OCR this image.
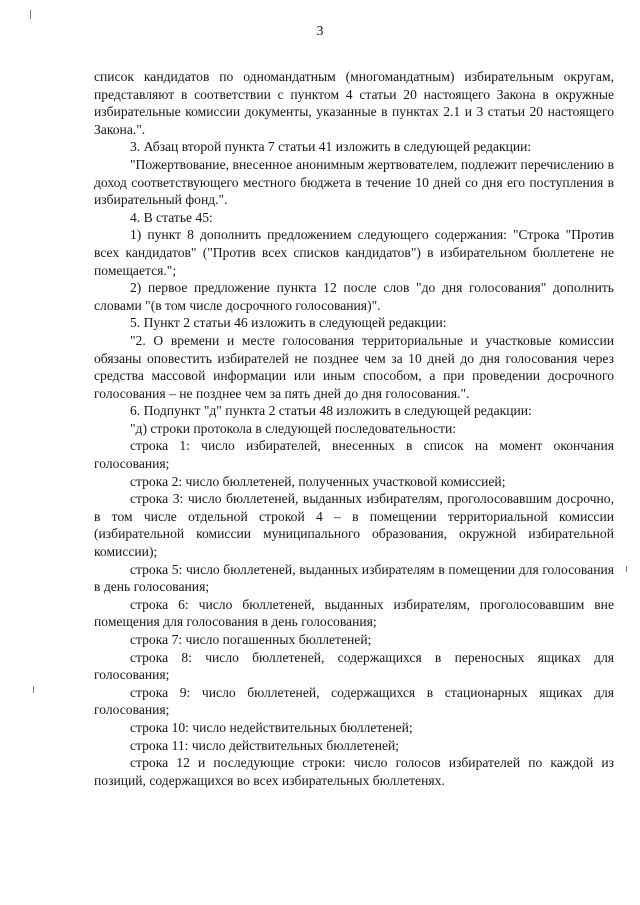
3

список кандидатов по одномандатным (многомандатным) избирательным округам, представляют в соответствии с пунктом 4 статьи 20 настоящего Закона в окружные избирательные комиссии документы, указанные в пунктах 2.1 и 3 статьи 20 настоящего Закона.".

3. Абзац второй пункта 7 статьи 41 изложить в следующей редакции:

"Пожертвование, внесенное анонимным жертвователем, подлежит перечислению в доход соответствующего местного бюджета в течение 10 дней со дня его поступления в избирательный фонд.".

4. В статье 45:

1) пункт 8 дополнить предложением следующего содержания: "Строка "Против всех кандидатов" ("Против всех списков кандидатов") в избирательном бюллетене не помещается.";

2) первое предложение пункта 12 после слов "до дня голосования" дополнить словами "(в том числе досрочного голосования)".

5. Пункт 2 статьи 46 изложить в следующей редакции:

"2. О времени и месте голосования территориальные и участковые комиссии обязаны оповестить избирателей не позднее чем за 10 дней до дня голосования через средства массовой информации или иным способом, а при проведении досрочного голосования – не позднее чем за пять дней до дня голосования.".

6. Подпункт "д" пункта 2 статьи 48 изложить в следующей редакции:

"д) строки протокола в следующей последовательности:

строка 1: число избирателей, внесенных в список на момент окончания голосования;

строка 2: число бюллетеней, полученных участковой комиссией;

строка 3: число бюллетеней, выданных избирателям, проголосовавшим досрочно, в том числе отдельной строкой 4 – в помещении территориальной комиссии (избирательной комиссии муниципального образования, окружной избирательной комиссии);

строка 5: число бюллетеней, выданных избирателям в помещении для голосования в день голосования;

строка 6: число бюллетеней, выданных избирателям, проголосовавшим вне помещения для голосования в день голосования;

строка 7: число погашенных бюллетеней;

строка 8: число бюллетеней, содержащихся в переносных ящиках для голосования;

строка 9: число бюллетеней, содержащихся в стационарных ящиках для голосования;

строка 10: число недействительных бюллетеней;

строка 11: число действительных бюллетеней;

строка 12 и последующие строки: число голосов избирателей по каждой из позиций, содержащихся во всех избирательных бюллетенях.
